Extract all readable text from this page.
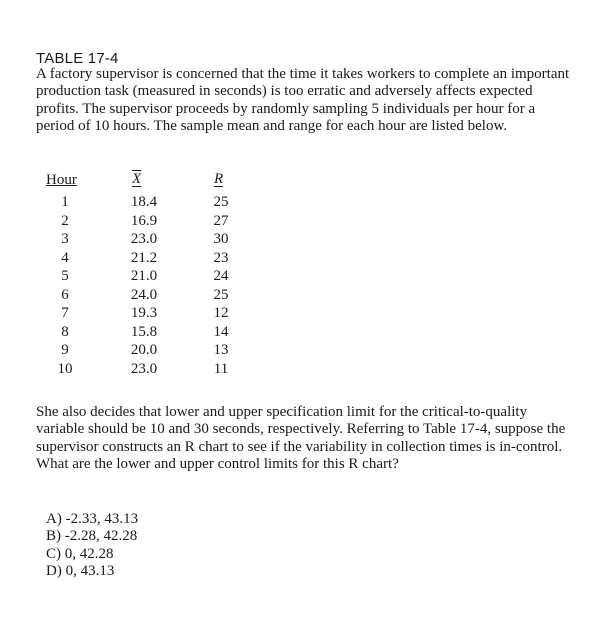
TABLE 17-4

A factory supervisor is concerned that the time it takes workers to complete an important production task (measured in seconds) is too erratic and adversely affects expected profits. The supervisor proceeds by randomly sampling 5 individuals per hour for a period of 10 hours. The sample mean and range for each hour are listed below.

Hour	$\overline{X}$	R
1	18.4	25
2	16.9	27
3	23.0	30
4	21.2	23
5	21.0	24
6	24.0	25
7	19.3	12
8	15.8	14
9	20.0	13
10	23.0	11

She also decides that lower and upper specification limit for the critical-to-quality variable should be 10 and 30 seconds, respectively. Referring to Table 17-4, suppose the supervisor constructs an R chart to see if the variability in collection times is in-control. What are the lower and upper control limits for this R chart?

A) -2.33, 43.13
B) -2.28, 42.28
C) 0, 42.28
D) 0, 43.13
